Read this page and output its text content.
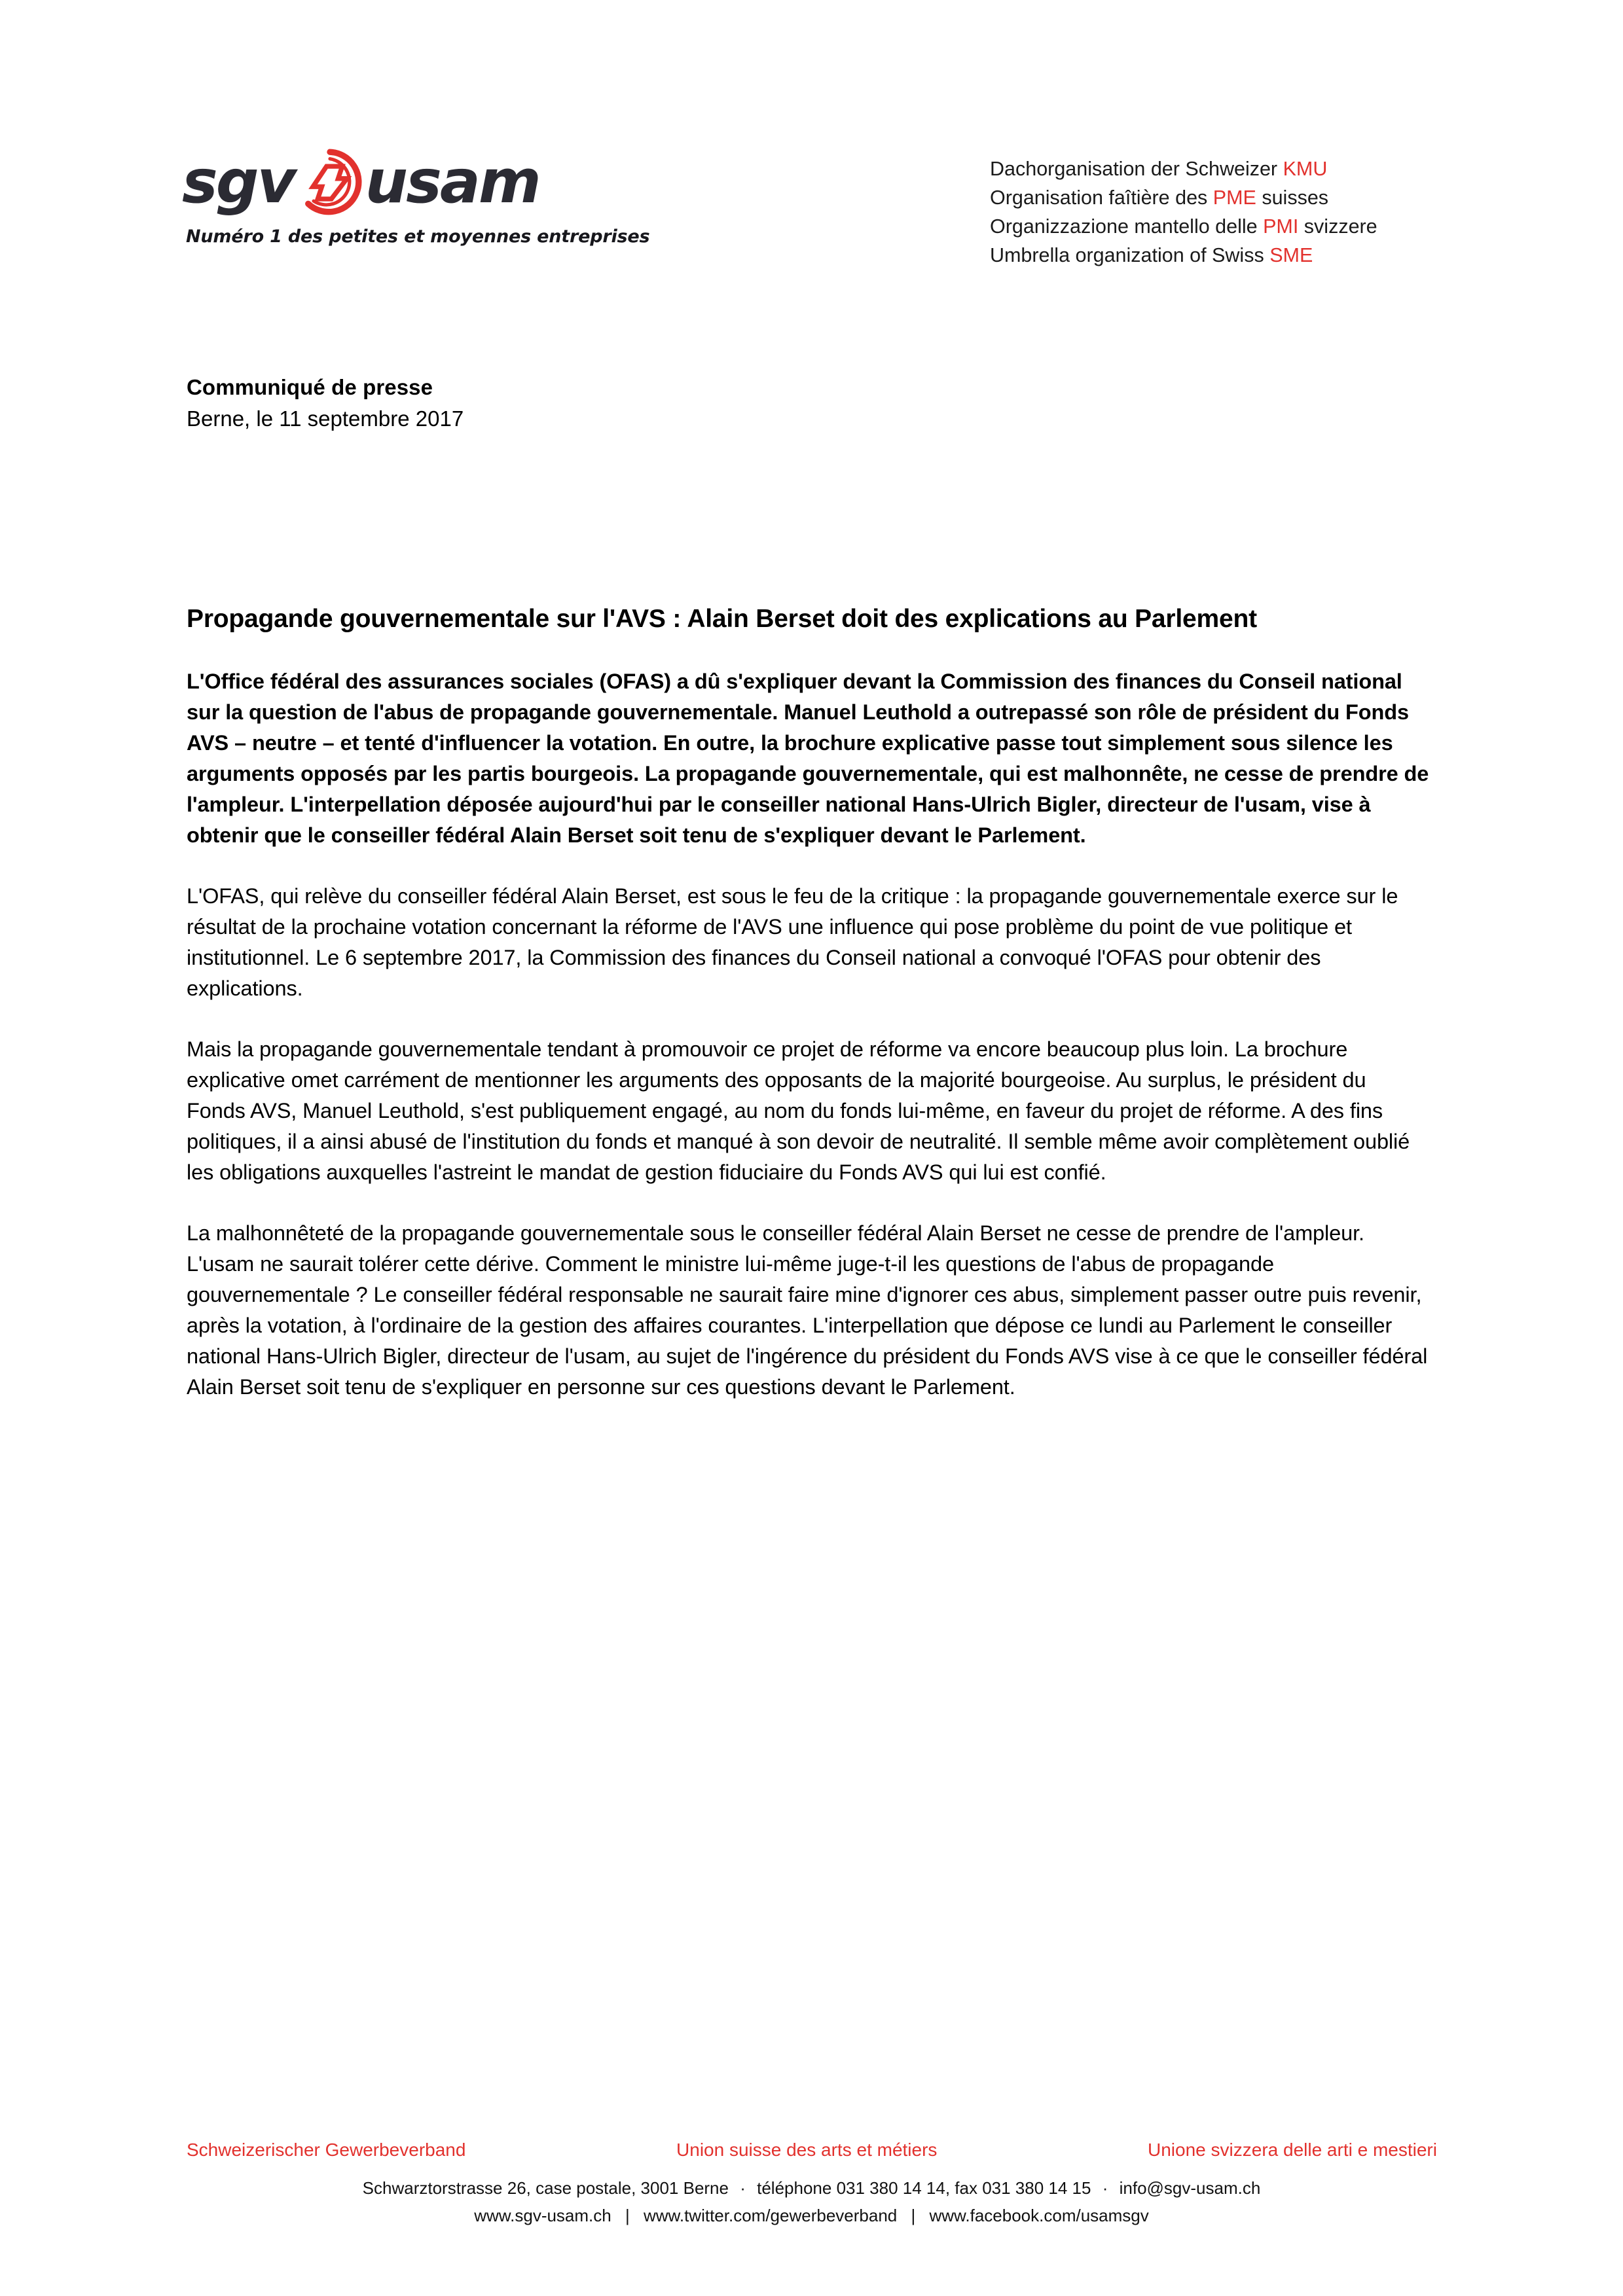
sgv usam
Numéro 1 des petites et moyennes entreprises
Dachorganisation der Schweizer KMU
Organisation faîtière des PME suisses
Organizzazione mantello delle PMI svizzere
Umbrella organization of Swiss SME
Communiqué de presse
Berne, le 11 septembre 2017
Propagande gouvernementale sur l'AVS : Alain Berset doit des explications au Parlement

L'Office fédéral des assurances sociales (OFAS) a dû s'expliquer devant la Commission des finances du Conseil national sur la question de l'abus de propagande gouvernementale. Manuel Leuthold a outrepassé son rôle de président du Fonds AVS – neutre – et tenté d'influencer la votation. En outre, la brochure explicative passe tout simplement sous silence les arguments opposés par les partis bourgeois. La propagande gouvernementale, qui est malhonnête, ne cesse de prendre de l'ampleur. L'interpellation déposée aujourd'hui par le conseiller national Hans-Ulrich Bigler, directeur de l'usam, vise à obtenir que le conseiller fédéral Alain Berset soit tenu de s'expliquer devant le Parlement.

L'OFAS, qui relève du conseiller fédéral Alain Berset, est sous le feu de la critique : la propagande gouvernementale exerce sur le résultat de la prochaine votation concernant la réforme de l'AVS une influence qui pose problème du point de vue politique et institutionnel. Le 6 septembre 2017, la Commission des finances du Conseil national a convoqué l'OFAS pour obtenir des explications.

Mais la propagande gouvernementale tendant à promouvoir ce projet de réforme va encore beaucoup plus loin. La brochure explicative omet carrément de mentionner les arguments des opposants de la majorité bourgeoise. Au surplus, le président du Fonds AVS, Manuel Leuthold, s'est publiquement engagé, au nom du fonds lui-même, en faveur du projet de réforme. A des fins politiques, il a ainsi abusé de l'institution du fonds et manqué à son devoir de neutralité. Il semble même avoir complètement oublié les obligations auxquelles l'astreint le mandat de gestion fiduciaire du Fonds AVS qui lui est confié.

La malhonnêteté de la propagande gouvernementale sous le conseiller fédéral Alain Berset ne cesse de prendre de l'ampleur. L'usam ne saurait tolérer cette dérive. Comment le ministre lui-même juge-t-il les questions de l'abus de propagande gouvernementale ? Le conseiller fédéral responsable ne saurait faire mine d'ignorer ces abus, simplement passer outre puis revenir, après la votation, à l'ordinaire de la gestion des affaires courantes. L'interpellation que dépose ce lundi au Parlement le conseiller national Hans-Ulrich Bigler, directeur de l'usam, au sujet de l'ingérence du président du Fonds AVS vise à ce que le conseiller fédéral Alain Berset soit tenu de s'expliquer en personne sur ces questions devant le Parlement.

Schweizerischer Gewerbeverband	Union suisse des arts et métiers	Unione svizzera delle arti e mestieri
Schwarztorstrasse 26, case postale, 3001 Berne · téléphone 031 380 14 14, fax 031 380 14 15 · info@sgv-usam.ch
www.sgv-usam.ch | www.twitter.com/gewerbeverband | www.facebook.com/usamsgv
